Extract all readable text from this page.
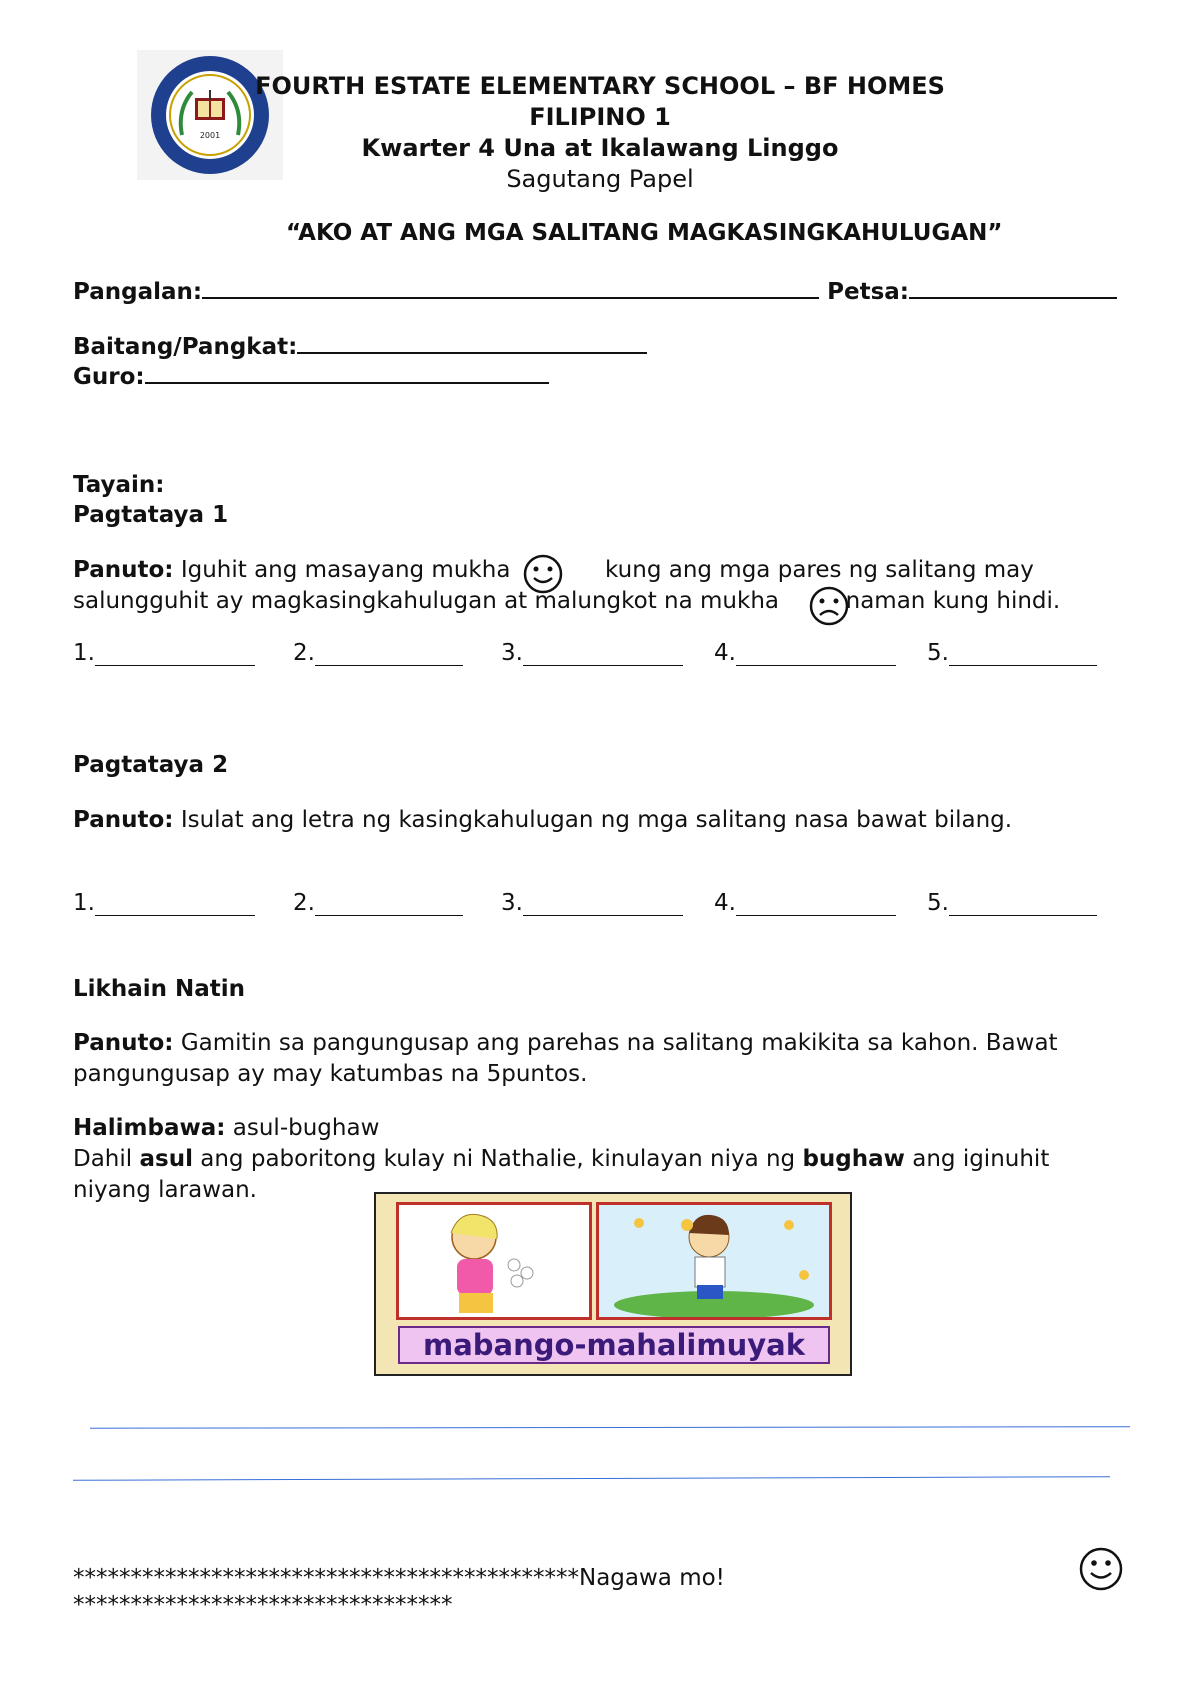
2001
FOURTH ESTATE ELEMENTARY SCHOOL – BF HOMES
FILIPINO 1
Kwarter 4 Una at Ikalawang Linggo
Sagutang Papel
“AKO AT ANG MGA SALITANG MAGKASINGKAHULUGAN”
Pangalan:	Petsa:
Baitang/Pangkat:
Guro:
Tayain:
Pagtataya 1
Panuto: Iguhit ang masayang mukha	kung ang mga pares ng salitang may
salungguhit ay magkasingkahulugan at malungkot na mukha	naman kung hindi.
1.	2.	3.	4.	5.
Pagtataya 2
Panuto: Isulat ang letra ng kasingkahulugan ng mga salitang nasa bawat bilang.
1.	2.	3.	4.	5.
Likhain Natin
Panuto: Gamitin sa pangungusap ang parehas na salitang makikita sa kahon. Bawat
pangungusap ay may katumbas na 5puntos.
Halimbawa: asul-bughaw
Dahil asul ang paboritong kulay ni Nathalie, kinulayan niya ng bughaw ang iginuhit
niyang larawan.
mabango-mahalimuyak
********************************************Nagawa mo!
*********************************
